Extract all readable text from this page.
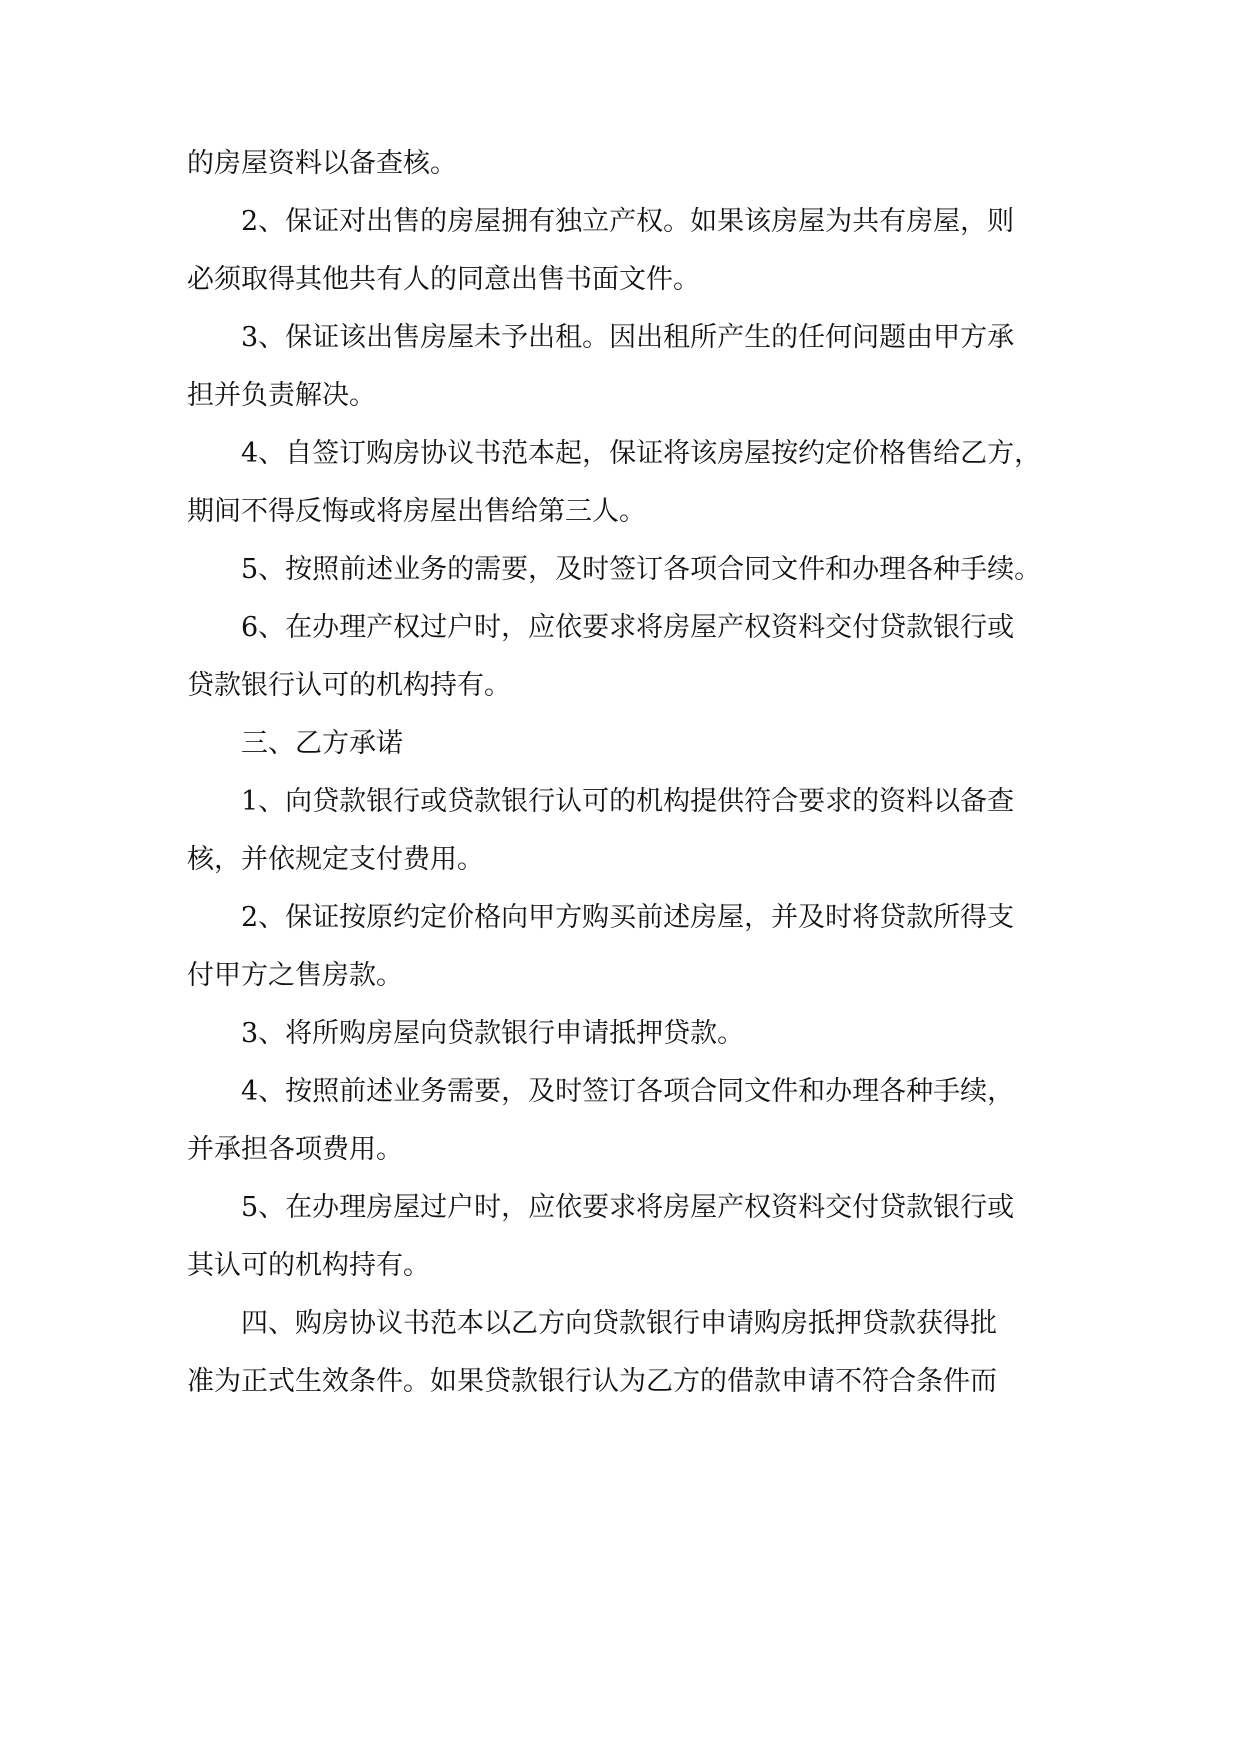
的房屋资料以备查核。

2、保证对出售的房屋拥有独立产权。如果该房屋为共有房屋，则

必须取得其他共有人的同意出售书面文件。

3、保证该出售房屋未予出租。因出租所产生的任何问题由甲方承

担并负责解决。

4、自签订购房协议书范本起，保证将该房屋按约定价格售给乙方，

期间不得反悔或将房屋出售给第三人。

5、按照前述业务的需要，及时签订各项合同文件和办理各种手续。

6、在办理产权过户时，应依要求将房屋产权资料交付贷款银行或

贷款银行认可的机构持有。

三、乙方承诺

1、向贷款银行或贷款银行认可的机构提供符合要求的资料以备查

核，并依规定支付费用。

2、保证按原约定价格向甲方购买前述房屋，并及时将贷款所得支

付甲方之售房款。

3、将所购房屋向贷款银行申请抵押贷款。

4、按照前述业务需要，及时签订各项合同文件和办理各种手续，

并承担各项费用。

5、在办理房屋过户时，应依要求将房屋产权资料交付贷款银行或

其认可的机构持有。

四、购房协议书范本以乙方向贷款银行申请购房抵押贷款获得批

准为正式生效条件。如果贷款银行认为乙方的借款申请不符合条件而
